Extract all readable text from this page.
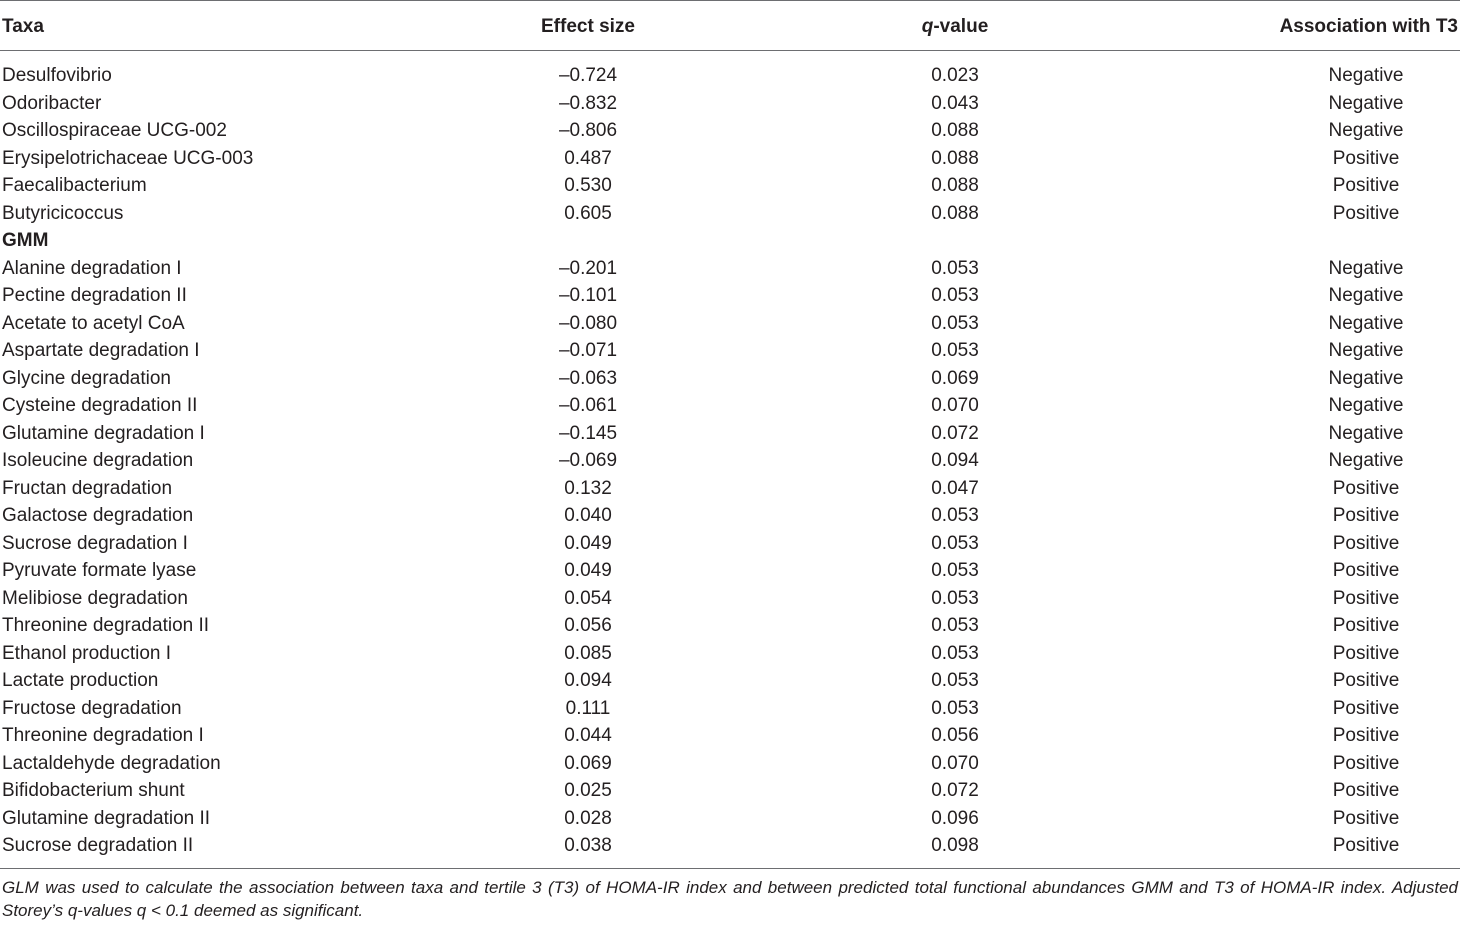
Taxa	Effect size	q-value	Association with T3
Desulfovibrio	–0.724	0.023	Negative
Odoribacter	–0.832	0.043	Negative
Oscillospiraceae UCG-002	–0.806	0.088	Negative
Erysipelotrichaceae UCG-003	0.487	0.088	Positive
Faecalibacterium	0.530	0.088	Positive
Butyricicoccus	0.605	0.088	Positive
GMM
Alanine degradation I	–0.201	0.053	Negative
Pectine degradation II	–0.101	0.053	Negative
Acetate to acetyl CoA	–0.080	0.053	Negative
Aspartate degradation I	–0.071	0.053	Negative
Glycine degradation	–0.063	0.069	Negative
Cysteine degradation II	–0.061	0.070	Negative
Glutamine degradation I	–0.145	0.072	Negative
Isoleucine degradation	–0.069	0.094	Negative
Fructan degradation	0.132	0.047	Positive
Galactose degradation	0.040	0.053	Positive
Sucrose degradation I	0.049	0.053	Positive
Pyruvate formate lyase	0.049	0.053	Positive
Melibiose degradation	0.054	0.053	Positive
Threonine degradation II	0.056	0.053	Positive
Ethanol production I	0.085	0.053	Positive
Lactate production	0.094	0.053	Positive
Fructose degradation	0.111	0.053	Positive
Threonine degradation I	0.044	0.056	Positive
Lactaldehyde degradation	0.069	0.070	Positive
Bifidobacterium shunt	0.025	0.072	Positive
Glutamine degradation II	0.028	0.096	Positive
Sucrose degradation II	0.038	0.098	Positive
GLM was used to calculate the association between taxa and tertile 3 (T3) of HOMA-IR index and between predicted total functional abundances GMM and T3 of HOMA-IR index. Adjusted Storey’s q-values q < 0.1 deemed as significant.
